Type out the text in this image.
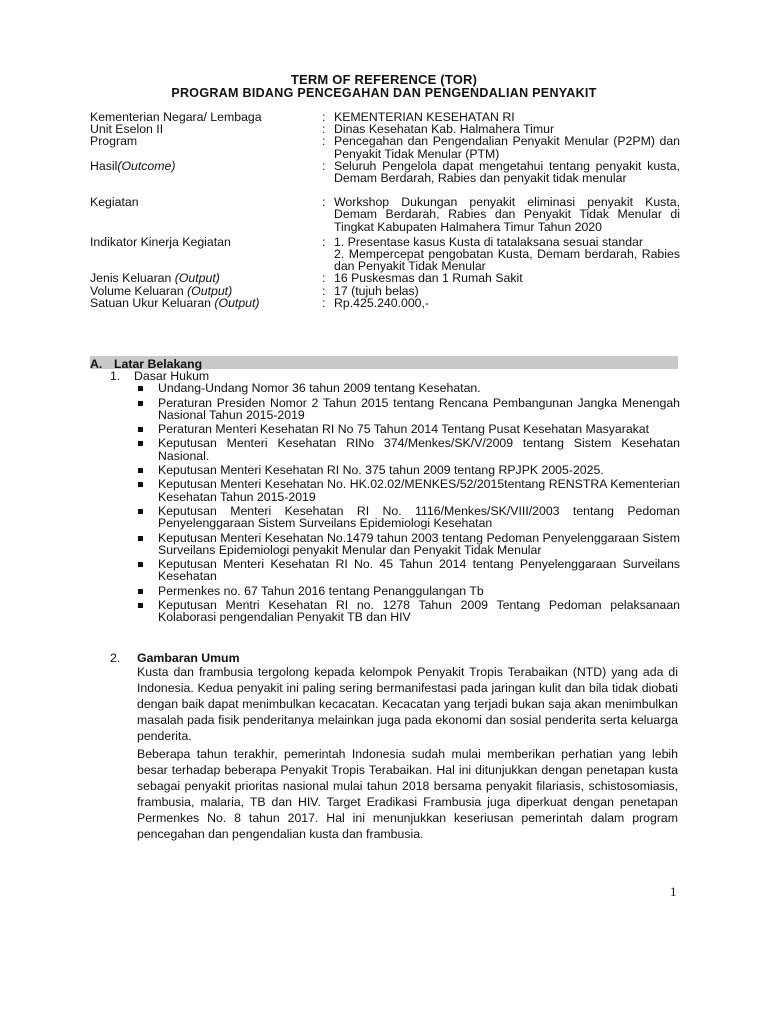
TERM OF REFERENCE (TOR)
PROGRAM BIDANG PENCEGAHAN DAN PENGENDALIAN PENYAKIT
Kementerian Negara/ Lembaga	: KEMENTERIAN KESEHATAN RI
Unit Eselon II	: Dinas Kesehatan Kab. Halmahera Timur
Program	: Pencegahan dan Pengendalian Penyakit Menular (P2PM) dan Penyakit Tidak Menular (PTM)
Hasil(Outcome)	: Seluruh Pengelola dapat mengetahui tentang penyakit kusta, Demam Berdarah, Rabies dan penyakit tidak menular
Kegiatan	: Workshop Dukungan penyakit eliminasi penyakit Kusta, Demam Berdarah, Rabies dan Penyakit Tidak Menular di Tingkat Kabupaten Halmahera Timur Tahun 2020
Indikator Kinerja Kegiatan	: 1. Presentase kasus Kusta di tatalaksana sesuai standar
2. Mempercepat pengobatan Kusta, Demam berdarah, Rabies dan Penyakit Tidak Menular
Jenis Keluaran (Output)	: 16 Puskesmas dan 1 Rumah Sakit
Volume Keluaran (Output)	: 17 (tujuh belas)
Satuan Ukur Keluaran (Output)	: Rp.425.240.000,-
A. Latar Belakang
1. Dasar Hukum
Undang-Undang Nomor 36 tahun 2009 tentang Kesehatan.
Peraturan Presiden Nomor 2 Tahun 2015 tentang Rencana Pembangunan Jangka Menengah Nasional Tahun 2015-2019
Peraturan Menteri Kesehatan RI No 75 Tahun 2014 Tentang Pusat Kesehatan Masyarakat
Keputusan Menteri Kesehatan RINo 374/Menkes/SK/V/2009 tentang Sistem Kesehatan Nasional.
Keputusan Menteri Kesehatan RI No. 375 tahun 2009 tentang RPJPK 2005-2025.
Keputusan Menteri Kesehatan No. HK.02.02/MENKES/52/2015tentang RENSTRA Kementerian Kesehatan Tahun 2015-2019
Keputusan Menteri Kesehatan RI No. 1116/Menkes/SK/VIII/2003 tentang Pedoman Penyelenggaraan Sistem Surveilans Epidemiologi Kesehatan
Keputusan Menteri Kesehatan No.1479 tahun 2003 tentang Pedoman Penyelenggaraan Sistem Surveilans Epidemiologi penyakit Menular dan Penyakit Tidak Menular
Keputusan Menteri Kesehatan RI No. 45 Tahun 2014 tentang Penyelenggaraan Surveilans Kesehatan
Permenkes no. 67 Tahun 2016 tentang Penanggulangan Tb
Keputusan Mentri Kesehatan RI no. 1278 Tahun 2009 Tentang Pedoman pelaksanaan Kolaborasi pengendalian Penyakit TB dan HIV
2. Gambaran Umum
Kusta dan frambusia tergolong kepada kelompok Penyakit Tropis Terabaikan (NTD) yang ada di Indonesia. Kedua penyakit ini paling sering bermanifestasi pada jaringan kulit dan bila tidak diobati dengan baik dapat menimbulkan kecacatan. Kecacatan yang terjadi bukan saja akan menimbulkan masalah pada fisik penderitanya melainkan juga pada ekonomi dan sosial penderita serta keluarga penderita.
Beberapa tahun terakhir, pemerintah Indonesia sudah mulai memberikan perhatian yang lebih besar terhadap beberapa Penyakit Tropis Terabaikan. Hal ini ditunjukkan dengan penetapan kusta sebagai penyakit prioritas nasional mulai tahun 2018 bersama penyakit filariasis, schistosomiasis, frambusia, malaria, TB dan HIV. Target Eradikasi Frambusia juga diperkuat dengan penetapan Permenkes No. 8 tahun 2017. Hal ini menunjukkan keseriusan pemerintah dalam program pencegahan dan pengendalian kusta dan frambusia.
1
